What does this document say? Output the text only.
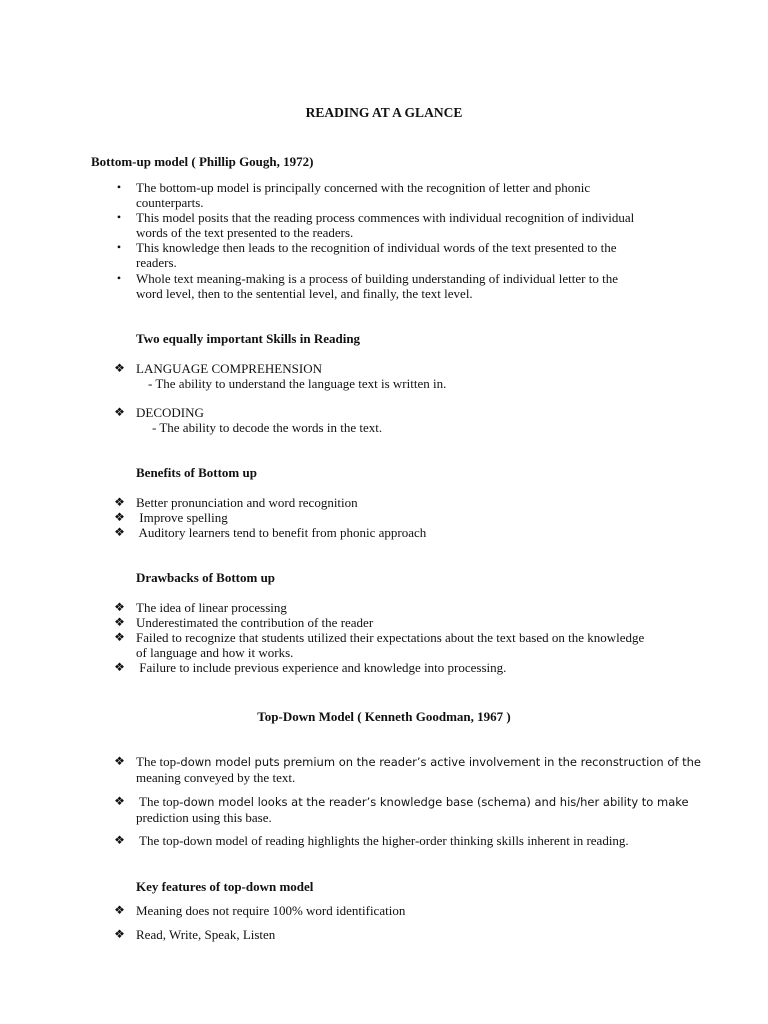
READING AT A GLANCE
Bottom-up model ( Phillip Gough, 1972)
•	The bottom-up model is principally concerned with the recognition of letter and phonic
counterparts.
•	This model posits that the reading process commences with individual recognition of individual
words of the text presented to the readers.
•	This knowledge then leads to the recognition of individual words of the text presented to the
readers.
•	Whole text meaning-making is a process of building understanding of individual letter to the
word level, then to the sentential level, and finally, the text level.
Two equally important Skills in Reading
❖ LANGUAGE COMPREHENSION
- The ability to understand the language text is written in.
❖ DECODING
- The ability to decode the words in the text.
Benefits of Bottom up
❖ Better pronunciation and word recognition
❖ Improve spelling
❖ Auditory learners tend to benefit from phonic approach
Drawbacks of Bottom up
❖ The idea of linear processing
❖ Underestimated the contribution of the reader
❖ Failed to recognize that students utilized their expectations about the text based on the knowledge
of language and how it works.
❖ Failure to include previous experience and knowledge into processing.
Top-Down Model ( Kenneth Goodman, 1967 )
❖ The top-down model puts premium on the reader’s active involvement in the reconstruction of the
meaning conveyed by the text.
❖ The top-down model looks at the reader’s knowledge base (schema) and his/her ability to make
prediction using this base.
❖ The top-down model of reading highlights the higher-order thinking skills inherent in reading.
Key features of top-down model
❖ Meaning does not require 100% word identification
❖ Read, Write, Speak, Listen
